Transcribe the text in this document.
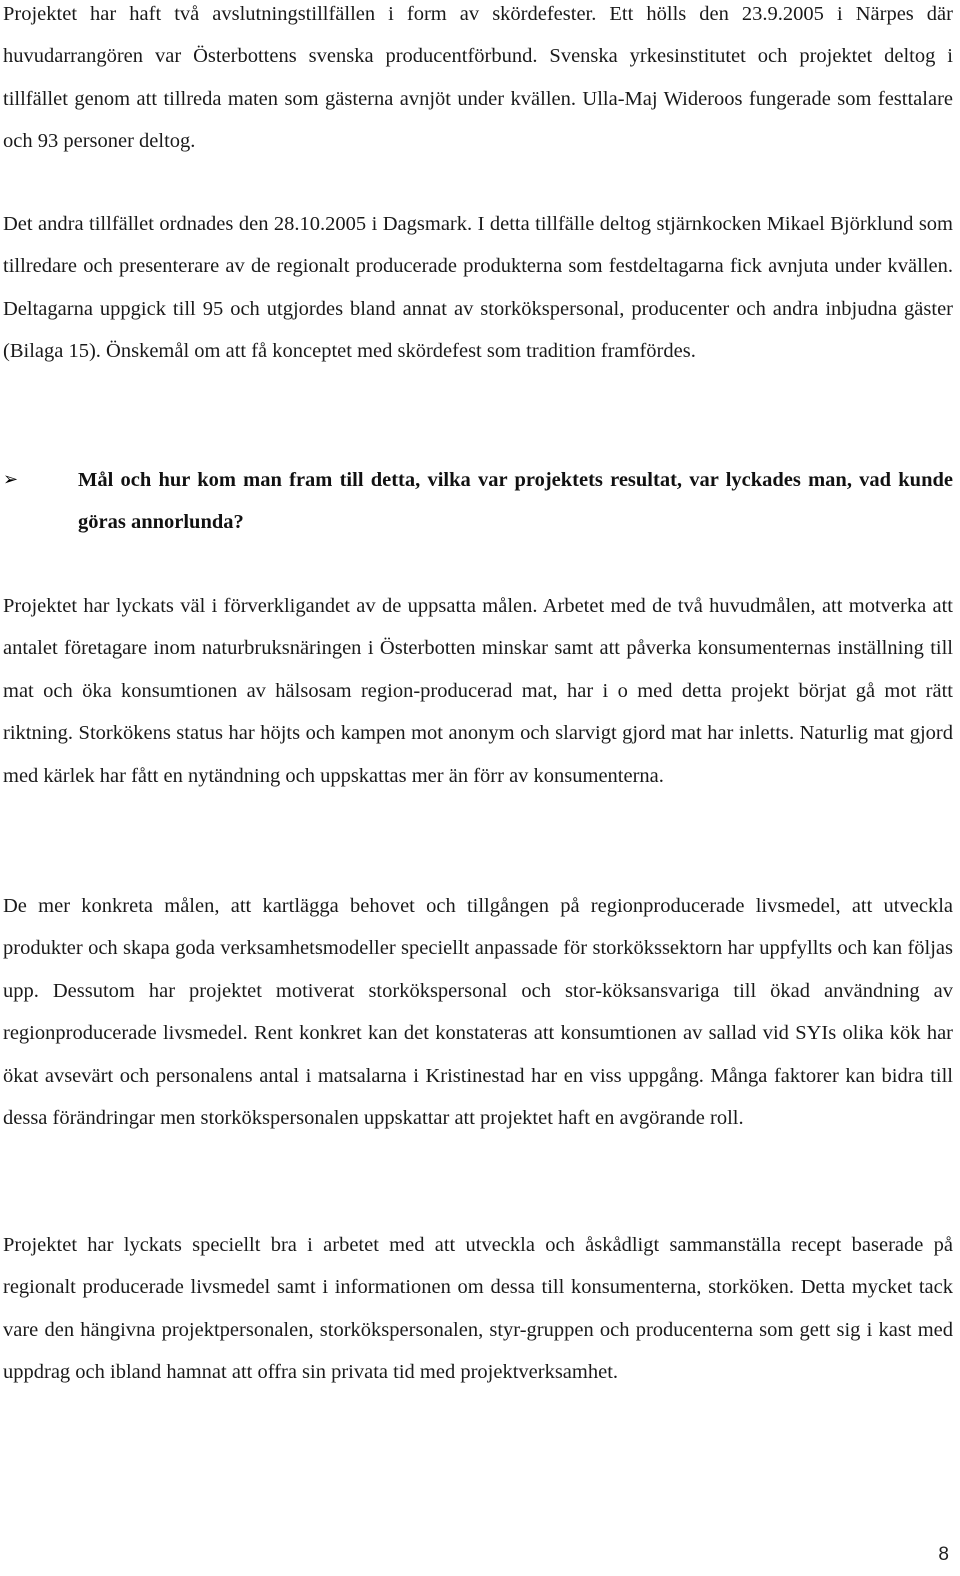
Projektet har haft två avslutningstillfällen i form av skördefester. Ett hölls den 23.9.2005 i Närpes där huvudarrangören var Österbottens svenska producentförbund. Svenska yrkesinstitutet och projektet deltog i tillfället genom att tillreda maten som gästerna avnjöt under kvällen. Ulla-Maj Wideroos fungerade som festtalare och 93 personer deltog.

Det andra tillfället ordnades den 28.10.2005 i Dagsmark. I detta tillfälle deltog stjärnkocken Mikael Björklund som tillredare och presenterare av de regionalt producerade produkterna som festdeltagarna fick avnjuta under kvällen. Deltagarna uppgick till 95 och utgjordes bland annat av storkökspersonal, producenter och andra inbjudna gäster (Bilaga 15). Önskemål om att få konceptet med skördefest som tradition framfördes.

➢	Mål och hur kom man fram till detta, vilka var projektets resultat, var lyckades man, vad kunde göras annorlunda?

Projektet har lyckats väl i förverkligandet av de uppsatta målen. Arbetet med de två huvudmålen, att motverka att antalet företagare inom naturbruksnäringen i Österbotten minskar samt att påverka konsumenternas inställning till mat och öka konsumtionen av hälsosam region-producerad mat, har i o med detta projekt börjat gå mot rätt riktning. Storkökens status har höjts och kampen mot anonym och slarvigt gjord mat har inletts. Naturlig mat gjord med kärlek har fått en nytändning och uppskattas mer än förr av konsumenterna.

De mer konkreta målen, att kartlägga behovet och tillgången på regionproducerade livsmedel, att utveckla produkter och skapa goda verksamhetsmodeller speciellt anpassade för storkökssektorn har uppfyllts och kan följas upp. Dessutom har projektet motiverat storkökspersonal och stor-köksansvariga till ökad användning av regionproducerade livsmedel. Rent konkret kan det konstateras att konsumtionen av sallad vid SYIs olika kök har ökat avsevärt och personalens antal i matsalarna i Kristinestad har en viss uppgång. Många faktorer kan bidra till dessa förändringar men storkökspersonalen uppskattar att projektet haft en avgörande roll.

Projektet har lyckats speciellt bra i arbetet med att utveckla och åskådligt sammanställa recept baserade på regionalt producerade livsmedel samt i informationen om dessa till konsumenterna, storköken. Detta mycket tack vare den hängivna projektpersonalen, storkökspersonalen, styr-gruppen och producenterna som gett sig i kast med uppdrag och ibland hamnat att offra sin privata tid med projektverksamhet.

8
